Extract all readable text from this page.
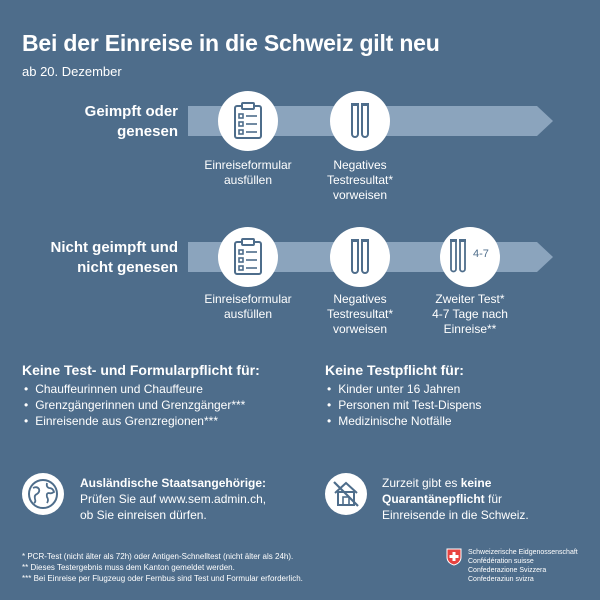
Bei der Einreise in die Schweiz gilt neu
ab 20. Dezember
Geimpft oder
genesen
Einreiseformular
ausfüllen
Negatives
Testresultat*
vorweisen
Nicht geimpft und
nicht genesen
Einreiseformular
ausfüllen
Negatives
Testresultat*
vorweisen
4-7
Zweiter Test*
4-7 Tage nach
Einreise**
Keine Test- und Formularpflicht für:
• Chauffeurinnen und Chauffeure
• Grenzgängerinnen und Grenzgänger***
• Einreisende aus Grenzregionen***
Keine Testpflicht für:
• Kinder unter 16 Jahren
• Personen mit Test-Dispens
• Medizinische Notfälle
Ausländische Staatsangehörige:
Prüfen Sie auf www.sem.admin.ch,
ob Sie einreisen dürfen.
Zurzeit gibt es keine
Quarantänepflicht für
Einreisende in die Schweiz.
* PCR-Test (nicht älter als 72h) oder Antigen-Schnelltest (nicht älter als 24h).
** Dieses Testergebnis muss dem Kanton gemeldet werden.
*** Bei Einreise per Flugzeug oder Fernbus sind Test und Formular erforderlich.
Schweizerische Eidgenossenschaft
Confédération suisse
Confederazione Svizzera
Confederaziun svizra
